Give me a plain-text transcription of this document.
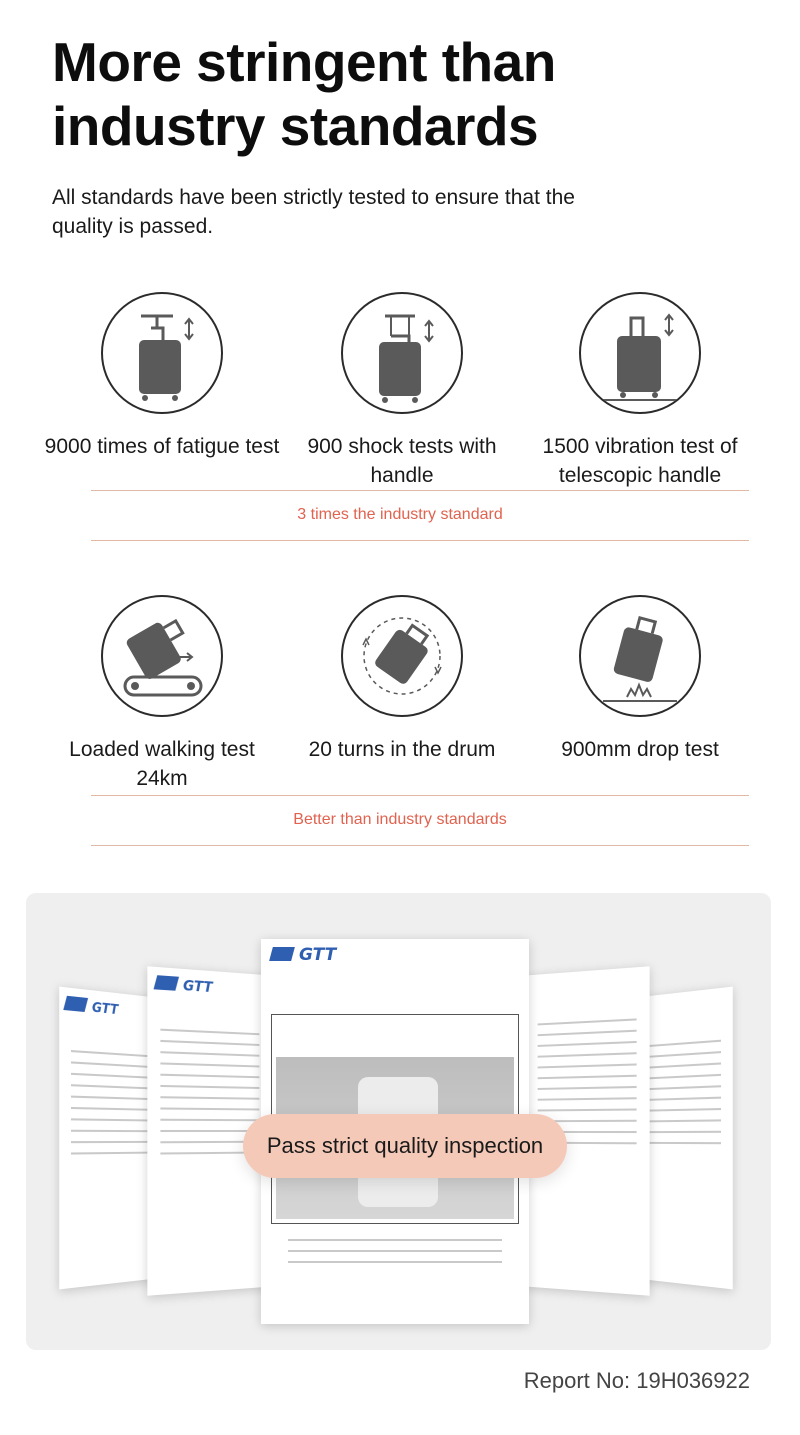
More stringent than industry standards

All standards have been strictly tested to ensure that the quality is passed.

9000 times of fatigue test	900 shock tests with handle
1500 vibration test of telescopic handle
3 times the industry standard
Loaded walking test 24km
20 turns in the drum	900mm drop test
Better than industry standards
GTT
GTT
GTT
Pass strict quality inspection
Report No: 19H036922
